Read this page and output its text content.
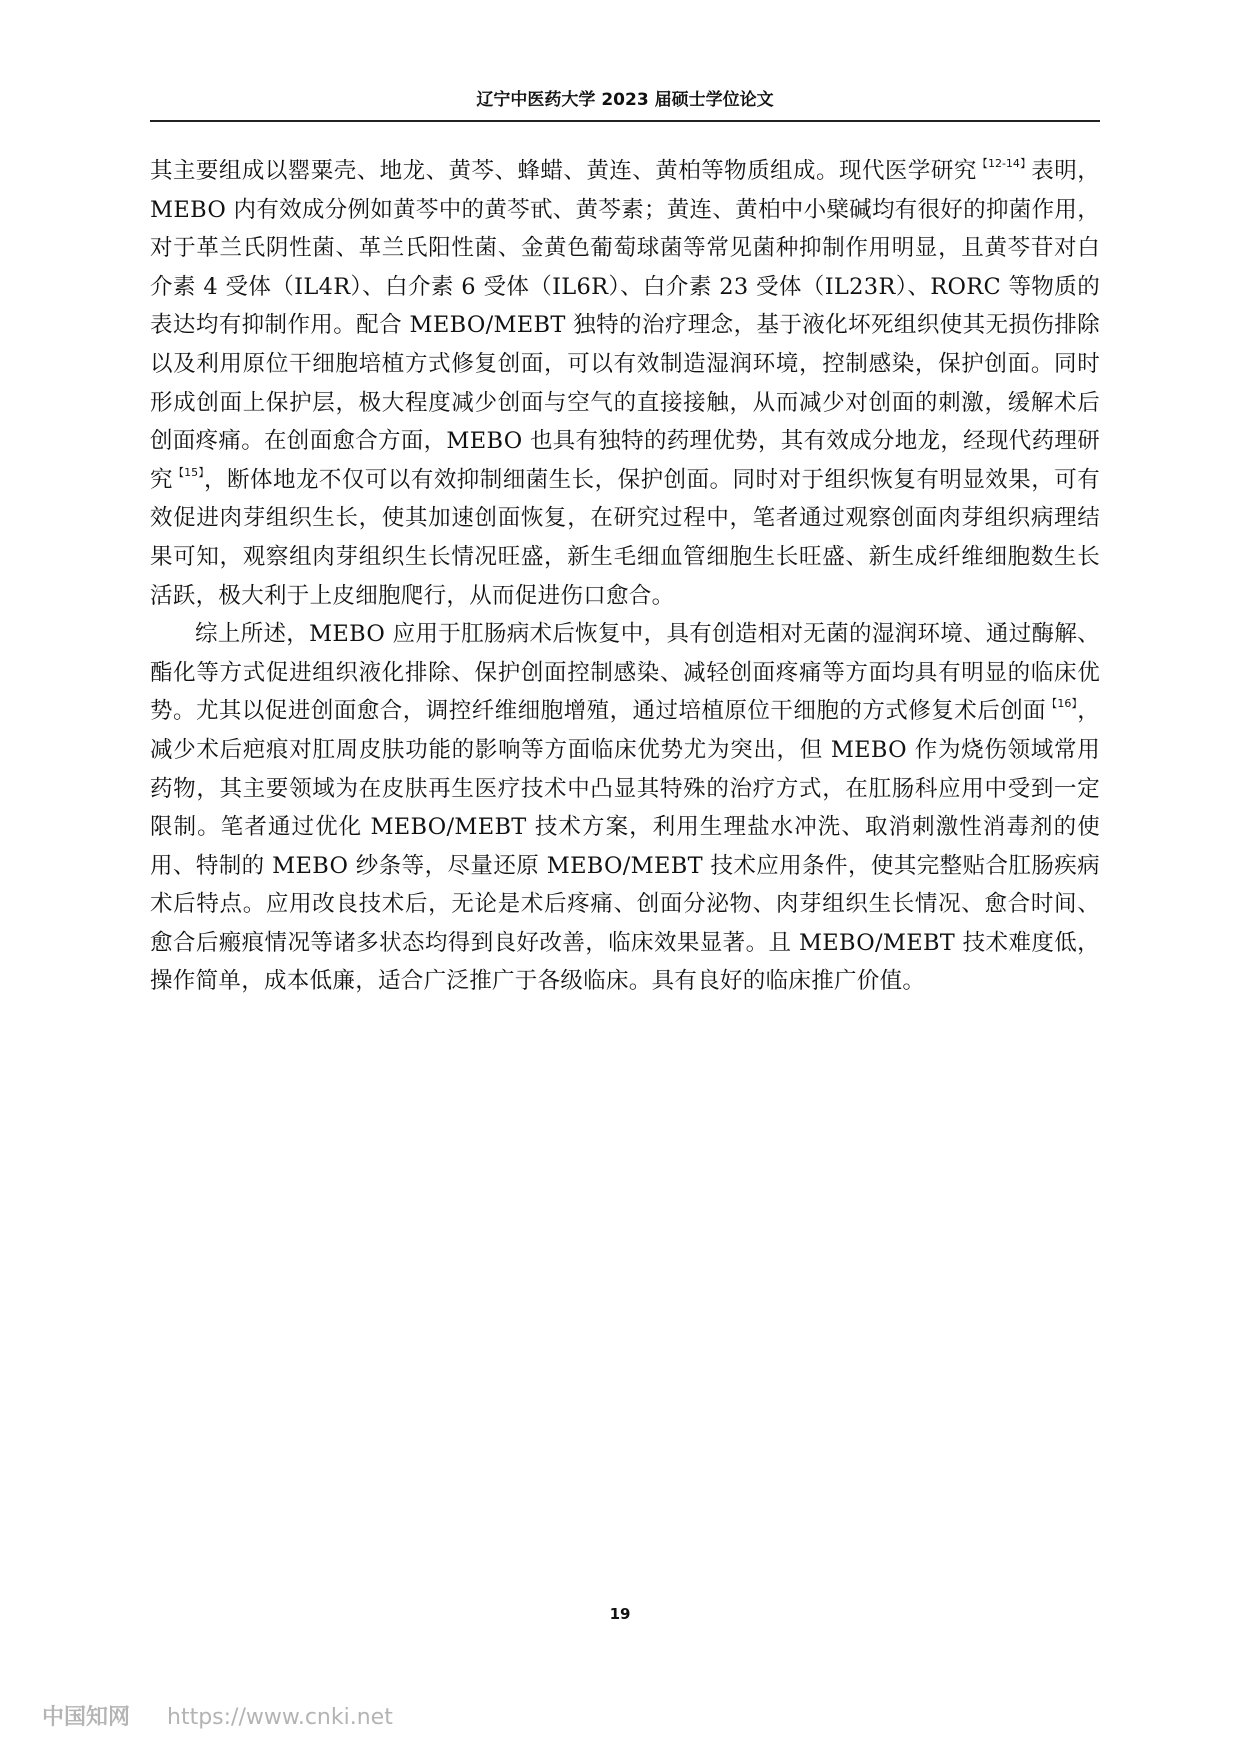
辽宁中医药大学 2023 届硕士学位论文

其主要组成以罂粟壳、地龙、黄芩、蜂蜡、黄连、黄柏等物质组成。现代医学研究$^{【12-14】}$表明，MEBO 内有效成分例如黄芩中的黄芩甙、黄芩素；黄连、黄柏中小檗碱均有很好的抑菌作用，对于革兰氏阴性菌、革兰氏阳性菌、金黄色葡萄球菌等常见菌种抑制作用明显，且黄芩苷对白介素 4 受体（IL4R）、白介素 6 受体（IL6R）、白介素 23 受体（IL23R）、RORC 等物质的表达均有抑制作用。配合 MEBO/MEBT 独特的治疗理念，基于液化坏死组织使其无损伤排除以及利用原位干细胞培植方式修复创面，可以有效制造湿润环境，控制感染，保护创面。同时形成创面上保护层，极大程度减少创面与空气的直接接触，从而减少对创面的刺激，缓解术后创面疼痛。在创面愈合方面，MEBO 也具有独特的药理优势，其有效成分地龙，经现代药理研究$^{【15】}$，断体地龙不仅可以有效抑制细菌生长，保护创面。同时对于组织恢复有明显效果，可有效促进肉芽组织生长，使其加速创面恢复，在研究过程中，笔者通过观察创面肉芽组织病理结果可知，观察组肉芽组织生长情况旺盛，新生毛细血管细胞生长旺盛、新生成纤维细胞数生长活跃，极大利于上皮细胞爬行，从而促进伤口愈合。

综上所述，MEBO 应用于肛肠病术后恢复中，具有创造相对无菌的湿润环境、通过酶解、酯化等方式促进组织液化排除、保护创面控制感染、减轻创面疼痛等方面均具有明显的临床优势。尤其以促进创面愈合，调控纤维细胞增殖，通过培植原位干细胞的方式修复术后创面$^{【16】}$，减少术后疤痕对肛周皮肤功能的影响等方面临床优势尤为突出，但 MEBO 作为烧伤领域常用药物，其主要领域为在皮肤再生医疗技术中凸显其特殊的治疗方式，在肛肠科应用中受到一定限制。笔者通过优化 MEBO/MEBT 技术方案，利用生理盐水冲洗、取消刺激性消毒剂的使用、特制的 MEBO 纱条等，尽量还原 MEBO/MEBT 技术应用条件，使其完整贴合肛肠疾病术后特点。应用改良技术后，无论是术后疼痛、创面分泌物、肉芽组织生长情况、愈合时间、愈合后瘢痕情况等诸多状态均得到良好改善，临床效果显著。且 MEBO/MEBT 技术难度低，操作简单，成本低廉，适合广泛推广于各级临床。具有良好的临床推广价值。

19
中国知网 https://www.cnki.net
